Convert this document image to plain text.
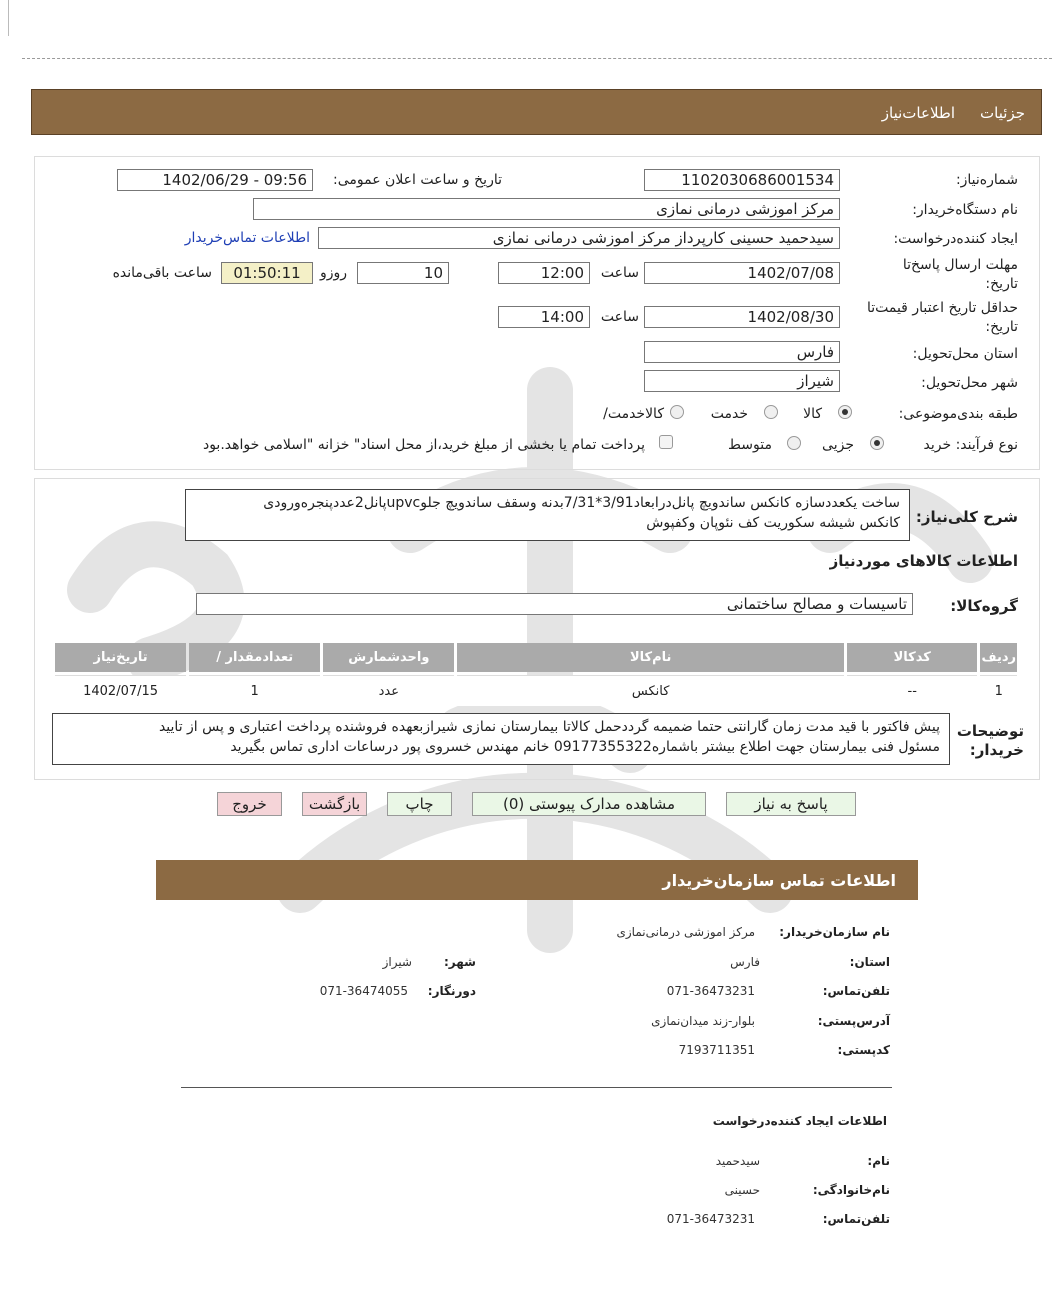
جزئیات
اطلاعات‌نیاز
شماره‌نیاز:
1102030686001534
تاریخ و ساعت اعلان عمومی:
1402/06/29 - 09:56
نام دستگاه‌خریدار:
مرکز اموزشی درمانی نمازی
ایجاد کننده‌درخواست:
سیدحمید حسینی کارپرداز مرکز اموزشی درمانی نمازی
اطلاعات تماس‌خریدار
مهلت ارسال پاسخ‌تا تاریخ:
1402/07/08
ساعت
12:00
10
روز‌و
01:50:11
ساعت باقی‌مانده
حداقل تاریخ اعتبار قیمت‌تا تاریخ:
1402/08/30
ساعت
14:00
استان محل‌تحویل:
فارس
شهر محل‌تحویل:
شیراز
طبقه بندی‌موضوعی:
کالا
خدمت
کالا‌خدمت/
نوع فرآیند: خرید
جزیی
متوسط
پرداخت تمام یا بخشی از مبلغ خرید،از محل اسناد" خزانه "اسلامی خواهد.بود
شرح کلی‌نیاز:
ساخت یکعددسازه کانکس ساندویچ پانل‌درابعاد3/91*7/31بدنه وسقف ساندویچ جلوupvcپانل2عددپنجره‌ورودی
کانکس شیشه سکوریت کف نئوپان وکفپوش
اطلاعات کالاهای موردنیاز
گروه‌کالا:
تاسیسات و مصالح ساختمانی
ردیف	کدکالا	نام‌کالا	واحدشمارش	تعدادمقدار /	تاریخ‌نیاز
1	--	کانکس	عدد	1	1402/07/15
توضیحات
خریدار:
پیش فاکتور با قید مدت زمان گارانتی حتما ضمیمه گرددحمل کالاتا بیمارستان نمازی شیرازبعهده فروشنده پرداخت اعتباری و پس از تایید
مسئول فنی بیمارستان جهت اطلاع بیشتر باشماره09177355322 خانم مهندس خسروی پور درساعات اداری تماس بگیرید
پاسخ به نیاز
مشاهده مدارک پیوستی (0)
چاپ
بازگشت
خروج
اطلاعات تماس سازمان‌خریدار
نام سازمان‌خریدار:
مرکز اموزشی درمانی‌نمازی
استان:
فارس
شهر:
شیراز
تلفن‌تماس:
071-36473231
دورنگار:
071-36474055
آدرس‌پستی:
بلوار-زند میدان‌نمازی
کدپستی:
7193711351
اطلاعات ایجاد کننده‌درخواست
نام:
سیدحمید
نام‌خانوادگی:
حسینی
تلفن‌تماس:
071-36473231
